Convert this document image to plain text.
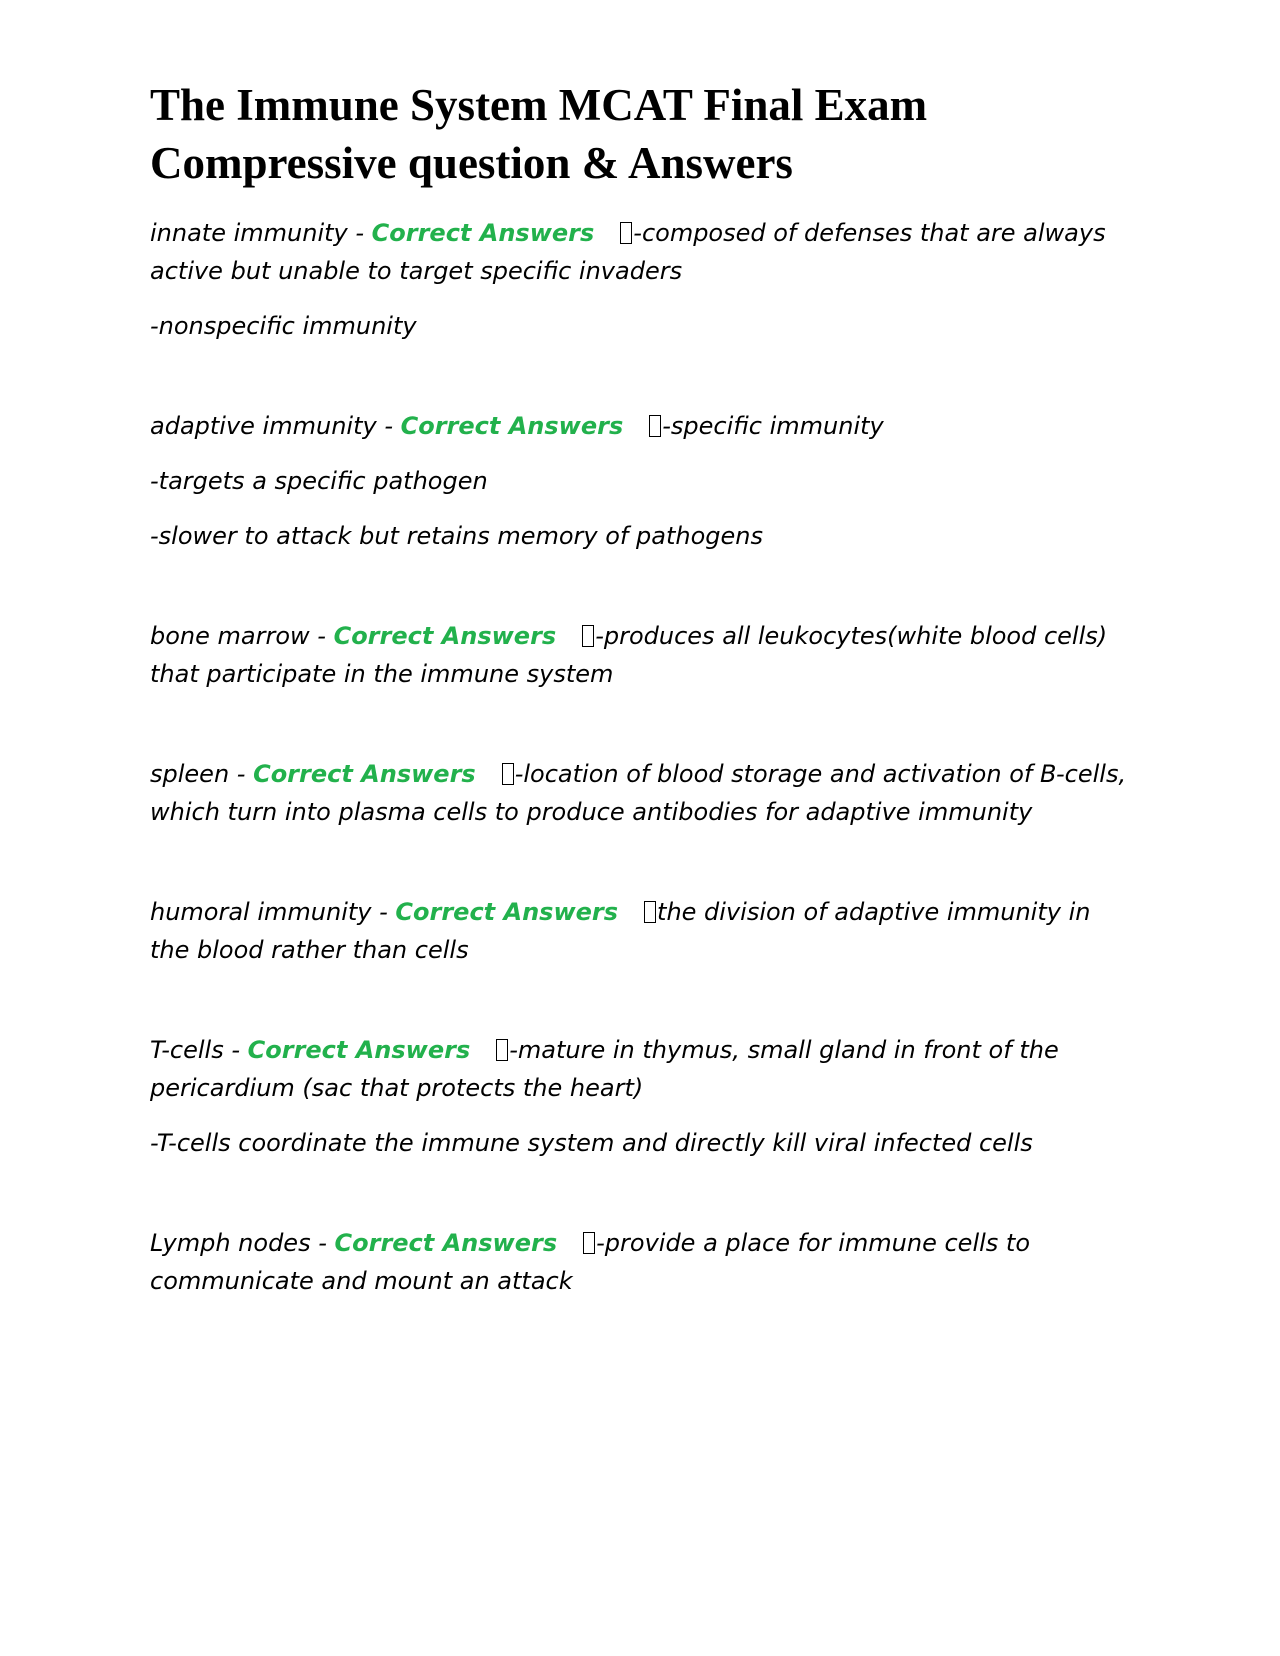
The Immune System MCAT Final Exam
Compressive question & Answers

innate immunity - Correct Answers -composed of defenses that are always active but unable to target specific invaders

-nonspecific immunity

adaptive immunity - Correct Answers -specific immunity

-targets a specific pathogen

-slower to attack but retains memory of pathogens

bone marrow - Correct Answers -produces all leukocytes(white blood cells) that participate in the immune system

spleen - Correct Answers -location of blood storage and activation of B-cells, which turn into plasma cells to produce antibodies for adaptive immunity

humoral immunity - Correct Answers the division of adaptive immunity in the blood rather than cells

T-cells - Correct Answers -mature in thymus, small gland in front of the pericardium (sac that protects the heart)

-T-cells coordinate the immune system and directly kill viral infected cells

Lymph nodes - Correct Answers -provide a place for immune cells to communicate and mount an attack
